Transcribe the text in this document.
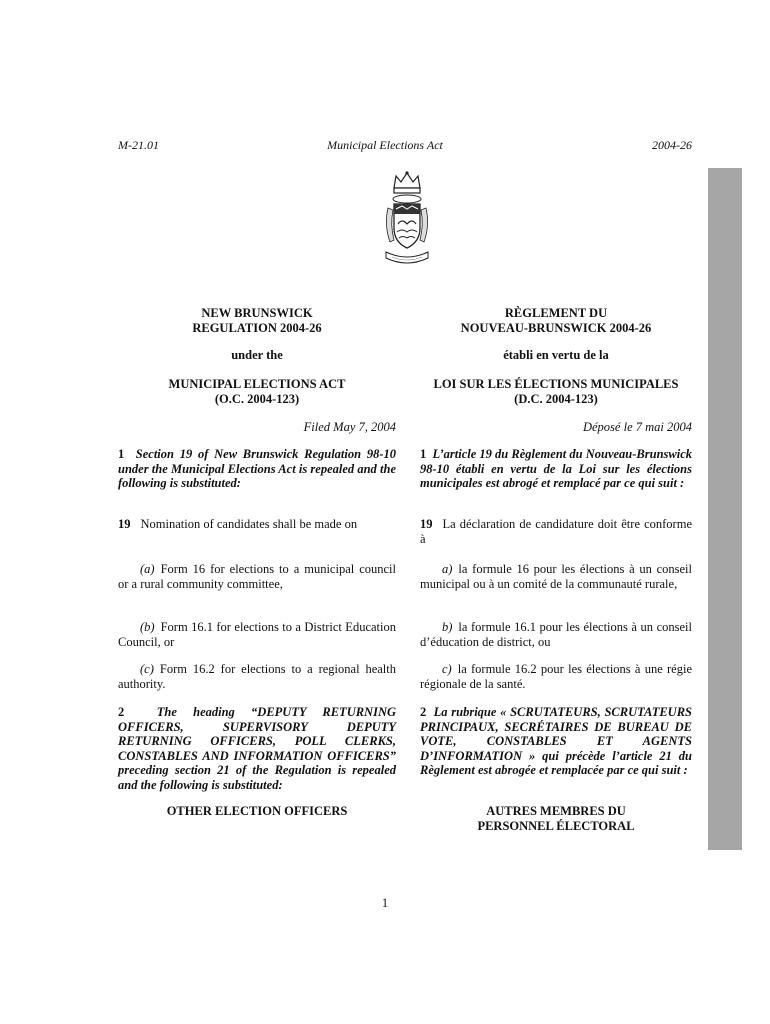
M-21.01	Municipal Elections Act	2004-26
NEW BRUNSWICK
REGULATION 2004-26
under the
MUNICIPAL ELECTIONS ACT
(O.C. 2004-123)
Filed May 7, 2004
1 Section 19 of New Brunswick Regulation 98-10 under the Municipal Elections Act is repealed and the following is substituted:
19 Nomination of candidates shall be made on
(a) Form 16 for elections to a municipal council or a rural community committee,
(b) Form 16.1 for elections to a District Education Council, or
(c) Form 16.2 for elections to a regional health authority.
2	The heading “DEPUTY RETURNING OFFICERS, SUPERVISORY DEPUTY RETURNING OFFICERS, POLL CLERKS, CONSTABLES AND INFORMATION OFFICERS” preceding section 21 of the Regulation is repealed and the following is substituted:
OTHER ELECTION OFFICERS
RÈGLEMENT DU
NOUVEAU-BRUNSWICK 2004-26
établi en vertu de la
LOI SUR LES ÉLECTIONS MUNICIPALES
(D.C. 2004-123)
Déposé le 7 mai 2004
1 L’article 19 du Règlement du Nouveau-Brunswick 98-10 établi en vertu de la Loi sur les élections municipales est abrogé et remplacé par ce qui suit :
19 La déclaration de candidature doit être conforme à
a) la formule 16 pour les élections à un conseil municipal ou à un comité de la communauté rurale,
b) la formule 16.1 pour les élections à un conseil d’éducation de district, ou
c) la formule 16.2 pour les élections à une régie régionale de la santé.
2 La rubrique « SCRUTATEURS, SCRUTATEURS PRINCIPAUX, SECRÉTAIRES DE BUREAU DE VOTE, CONSTABLES ET AGENTS D’INFORMATION » qui précède l’article 21 du Règlement est abrogée et remplacée par ce qui suit :
AUTRES MEMBRES DU
PERSONNEL ÉLECTORAL
1
